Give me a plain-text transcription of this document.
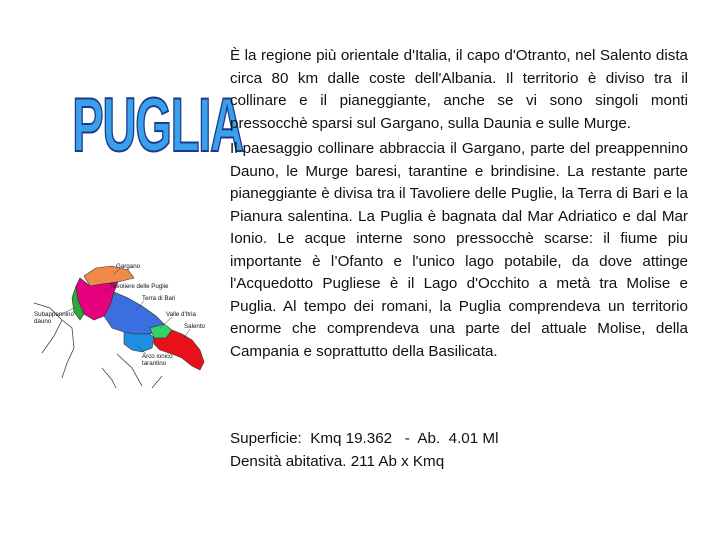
PUGLIA
Gargano
Tavoliere delle Puglie
Terra di Bari
Subappennino
dauno
Valle d'Itria
Salento
Arco ionico
tarantino

È la regione più orientale d'Italia, il capo d'Otranto, nel Salento dista circa 80 km dalle coste dell'Albania. Il territorio è diviso tra il collinare e il pianeggiante, anche se vi sono singoli monti pressocchè sparsi sul Gargano, sulla Daunia e sulle Murge.

Il paesaggio collinare abbraccia il Gargano, parte del preappennino Dauno, le Murge baresi, tarantine e brindisine. La restante parte pianeggiante è divisa tra il Tavoliere delle Puglie, la Terra di Bari e la Pianura salentina. La Puglia è bagnata dal Mar Adriatico e dal Mar Ionio. Le acque interne sono pressocchè scarse: il fiume piu importante è l’Ofanto e l'unico lago potabile, da dove attinge l'Acquedotto Pugliese è il Lago d'Occhito a metà tra Molise e Puglia. Al tempo dei romani, la Puglia comprendeva un territorio enorme che comprendeva una parte del attuale Molise, della Campania e soprattutto della Basilicata.

Superficie:  Kmq 19.362   -  Ab.  4.01 Ml

Densità abitativa. 211 Ab x Kmq
